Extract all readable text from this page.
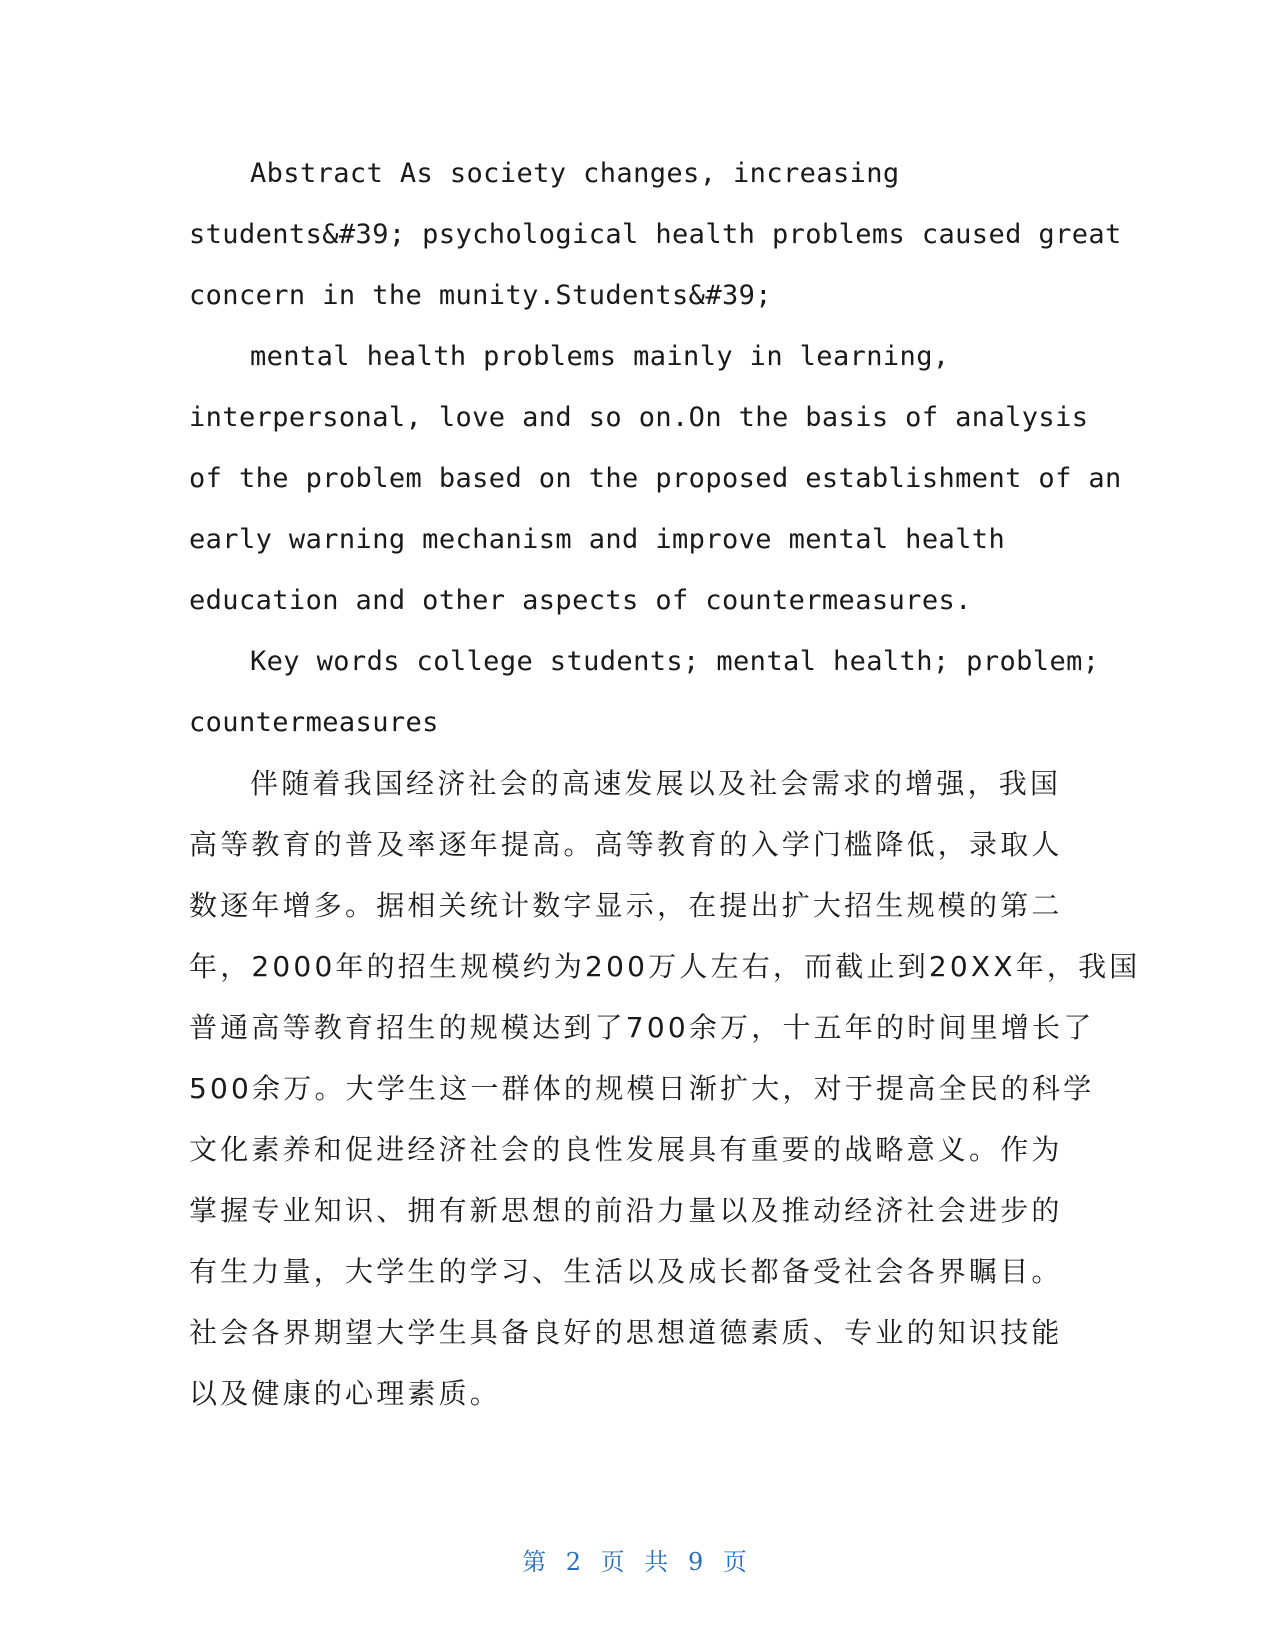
Abstract As society changes, increasing
students&#39; psychological health problems caused great
concern in the munity.Students&#39;

mental health problems mainly in learning,
interpersonal, love and so on.On the basis of analysis
of the problem based on the proposed establishment of an
early warning mechanism and improve mental health
education and other aspects of countermeasures.

Key words college students; mental health; problem;
countermeasures

伴随着我国经济社会的高速发展以及社会需求的增强，我国
高等教育的普及率逐年提高。高等教育的入学门槛降低，录取人
数逐年增多。据相关统计数字显示，在提出扩大招生规模的第二
年，2000年的招生规模约为200万人左右，而截止到20XX年，我国
普通高等教育招生的规模达到了700余万，十五年的时间里增长了
500余万。大学生这一群体的规模日渐扩大，对于提高全民的科学
文化素养和促进经济社会的良性发展具有重要的战略意义。作为
掌握专业知识、拥有新思想的前沿力量以及推动经济社会进步的
有生力量，大学生的学习、生活以及成长都备受社会各界瞩目。
社会各界期望大学生具备良好的思想道德素质、专业的知识技能
以及健康的心理素质。

第 2 页 共 9 页
